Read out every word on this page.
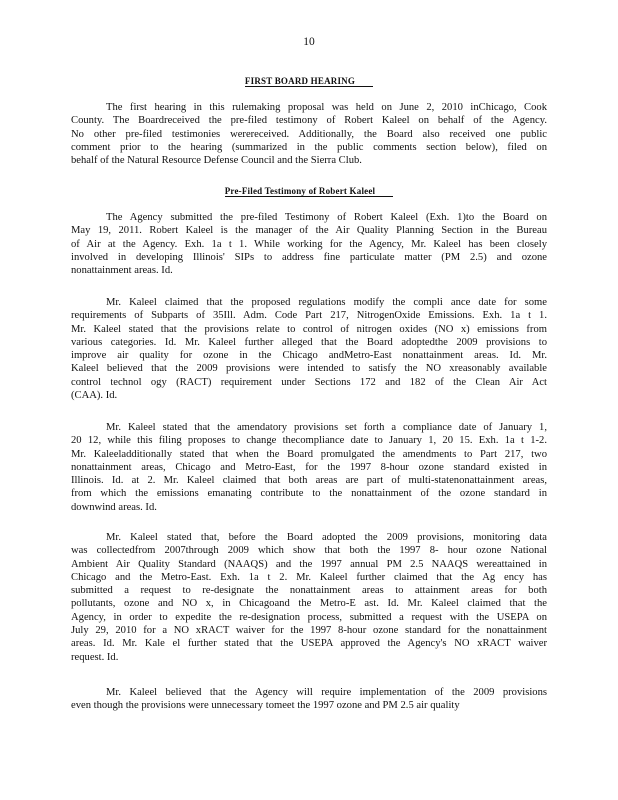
10
FIRST BOARD HEARING
The first hearing in this rulemaking proposal was held on June 2, 2010 inChicago, Cook
County. The Boardreceived the pre-filed testimony of Robert Kaleel on behalf of the Agency.
No other pre-filed testimonies werereceived. Additionally, the Board also received one public
comment prior to the hearing (summarized in the public comments section below), filed on
behalf of the Natural Resource Defense Council and the Sierra Club.
Pre-Filed Testimony of Robert Kaleel
The Agency submitted the pre-filed Testimony of Robert Kaleel (Exh. 1)to the Board on
May 19, 2011. Robert Kaleel is the manager of the Air Quality Planning Section in the Bureau
of Air at the Agency. Exh. 1a t 1. While working for the Agency, Mr. Kaleel has been closely
involved in developing Illinois' SIPs to address fine particulate matter (PM 2.5) and ozone
nonattainment areas. Id.
Mr. Kaleel claimed that the proposed regulations modify the compli ance date for some
requirements of Subparts of 35Ill. Adm. Code Part 217, NitrogenOxide Emissions. Exh. 1a t 1.
Mr. Kaleel stated that the provisions relate to control of nitrogen oxides (NO x) emissions from
various categories. Id. Mr. Kaleel further alleged that the Board adoptedthe 2009 provisions to
improve air quality for ozone in the Chicago andMetro-East nonattainment areas. Id. Mr.
Kaleel believed that the 2009 provisions were intended to satisfy the NO xreasonably available
control technol ogy (RACT) requirement under Sections 172 and 182 of the Clean Air Act
(CAA). Id.
Mr. Kaleel stated that the amendatory provisions set forth a compliance date of January 1,
20 12, while this filing proposes to change thecompliance date to January 1, 20 15. Exh. 1a t 1-2.
Mr. Kaleeladditionally stated that when the Board promulgated the amendments to Part 217, two
nonattainment areas, Chicago and Metro-East, for the 1997 8-hour ozone standard existed in
Illinois. Id. at 2. Mr. Kaleel claimed that both areas are part of multi-statenonattainment areas,
from which the emissions emanating contribute to the nonattainment of the ozone standard in
downwind areas. Id.
Mr. Kaleel stated that, before the Board adopted the 2009 provisions, monitoring data
was collectedfrom 2007through 2009 which show that both the 1997 8- hour ozone National
Ambient Air Quality Standard (NAAQS) and the 1997 annual PM 2.5 NAAQS wereattained in
Chicago and the Metro-East. Exh. 1a t 2. Mr. Kaleel further claimed that the Ag ency has
submitted a request to re-designate the nonattainment areas to attainment areas for both
pollutants, ozone and NO x, in Chicagoand the Metro-E ast. Id. Mr. Kaleel claimed that the
Agency, in order to expedite the re-designation process, submitted a request with the USEPA on
July 29, 2010 for a NO xRACT waiver for the 1997 8-hour ozone standard for the nonattainment
areas. Id. Mr. Kale el further stated that the USEPA approved the Agency's NO xRACT waiver
request. Id.
Mr. Kaleel believed that the Agency will require implementation of the 2009 provisions
even though the provisions were unnecessary tomeet the 1997 ozone and PM 2.5 air quality
